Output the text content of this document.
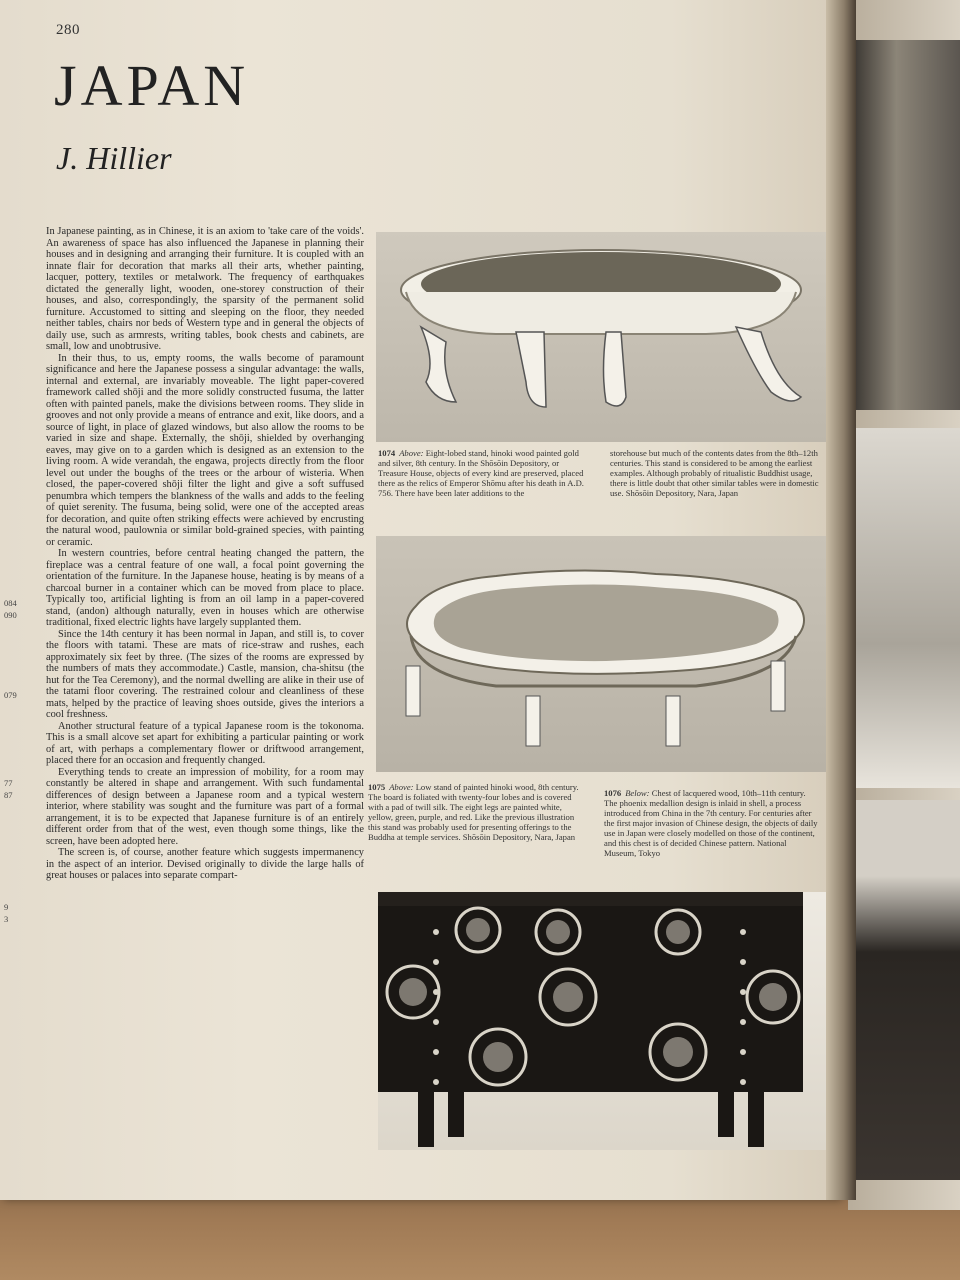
280
JAPAN
J. Hillier

In Japanese painting, as in Chinese, it is an axiom to 'take care of the voids'. An awareness of space has also influenced the Japanese in planning their houses and in designing and arranging their furniture. It is coupled with an innate flair for decoration that marks all their arts, whether painting, lacquer, pottery, textiles or metalwork. The frequency of earthquakes dictated the generally light, wooden, one-storey construction of their houses, and also, correspondingly, the sparsity of the permanent solid furniture. Accustomed to sitting and sleeping on the floor, they needed neither tables, chairs nor beds of Western type and in general the objects of daily use, such as armrests, writing tables, book chests and cabinets, are small, low and unobtrusive.

In their thus, to us, empty rooms, the walls become of paramount significance and here the Japanese possess a singular advantage: the walls, internal and external, are invariably moveable. The light paper-covered framework called shōji and the more solidly constructed fusuma, the latter often with painted panels, make the divisions between rooms. They slide in grooves and not only provide a means of entrance and exit, like doors, and a source of light, in place of glazed windows, but also allow the rooms to be varied in size and shape. Externally, the shōji, shielded by overhanging eaves, may give on to a garden which is designed as an extension to the living room. A wide verandah, the engawa, projects directly from the floor level out under the boughs of the trees or the arbour of wisteria. When closed, the paper-covered shōji filter the light and give a soft suffused penumbra which tempers the blankness of the walls and adds to the feeling of quiet serenity. The fusuma, being solid, were one of the accepted areas for decoration, and quite often striking effects were achieved by encrusting the natural wood, paulownia or similar bold-grained species, with painting or ceramic.

In western countries, before central heating changed the pattern, the fireplace was a central feature of one wall, a focal point governing the orientation of the furniture. In the Japanese house, heating is by means of a charcoal burner in a container which can be moved from place to place. Typically too, artificial lighting is from an oil lamp in a paper-covered stand, (andon) although naturally, even in houses which are otherwise traditional, fixed electric lights have largely supplanted them.

Since the 14th century it has been normal in Japan, and still is, to cover the floors with tatami. These are mats of rice-straw and rushes, each approximately six feet by three. (The sizes of the rooms are expressed by the numbers of mats they accommodate.) Castle, mansion, cha-shitsu (the hut for the Tea Ceremony), and the normal dwelling are alike in their use of the tatami floor covering. The restrained colour and cleanliness of these mats, helped by the practice of leaving shoes outside, gives the interiors a cool freshness.

Another structural feature of a typical Japanese room is the tokonoma. This is a small alcove set apart for exhibiting a particular painting or work of art, with perhaps a complementary flower or driftwood arrangement, placed there for an occasion and frequently changed.

Everything tends to create an impression of mobility, for a room may constantly be altered in shape and arrangement. With such fundamental differences of design between a Japanese room and a typical western interior, where stability was sought and the furniture was part of a formal arrangement, it is to be expected that Japanese furniture is of an entirely different order from that of the west, even though some things, like the screen, have been adopted here.

The screen is, of course, another feature which suggests impermanency in the aspect of an interior. Devised originally to divide the large halls of great houses or palaces into separate compart-

084
090
079
77
87
9
3
1074 Above: Eight-lobed stand, hinoki wood painted gold and silver, 8th century. In the Shōsōin Depository, or Treasure House, objects of every kind are preserved, placed there as the relics of Emperor Shōmu after his death in A.D. 756. There have been later additions to the
storehouse but much of the contents dates from the 8th–12th centuries. This stand is considered to be among the earliest examples. Although probably of ritualistic Buddhist usage, there is little doubt that other similar tables were in domestic use. Shōsōin Depository, Nara, Japan
1075 Above: Low stand of painted hinoki wood, 8th century. The board is foliated with twenty-four lobes and is covered with a pad of twill silk. The eight legs are painted white, yellow, green, purple, and red. Like the previous illustration this stand was probably used for presenting offerings to the Buddha at temple services. Shōsōin Depository, Nara, Japan
1076 Below: Chest of lacquered wood, 10th–11th century. The phoenix medallion design is inlaid in shell, a process introduced from China in the 7th century. For centuries after the first major invasion of Chinese design, the objects of daily use in Japan were closely modelled on those of the continent, and this chest is of decided Chinese pattern. National Museum, Tokyo
